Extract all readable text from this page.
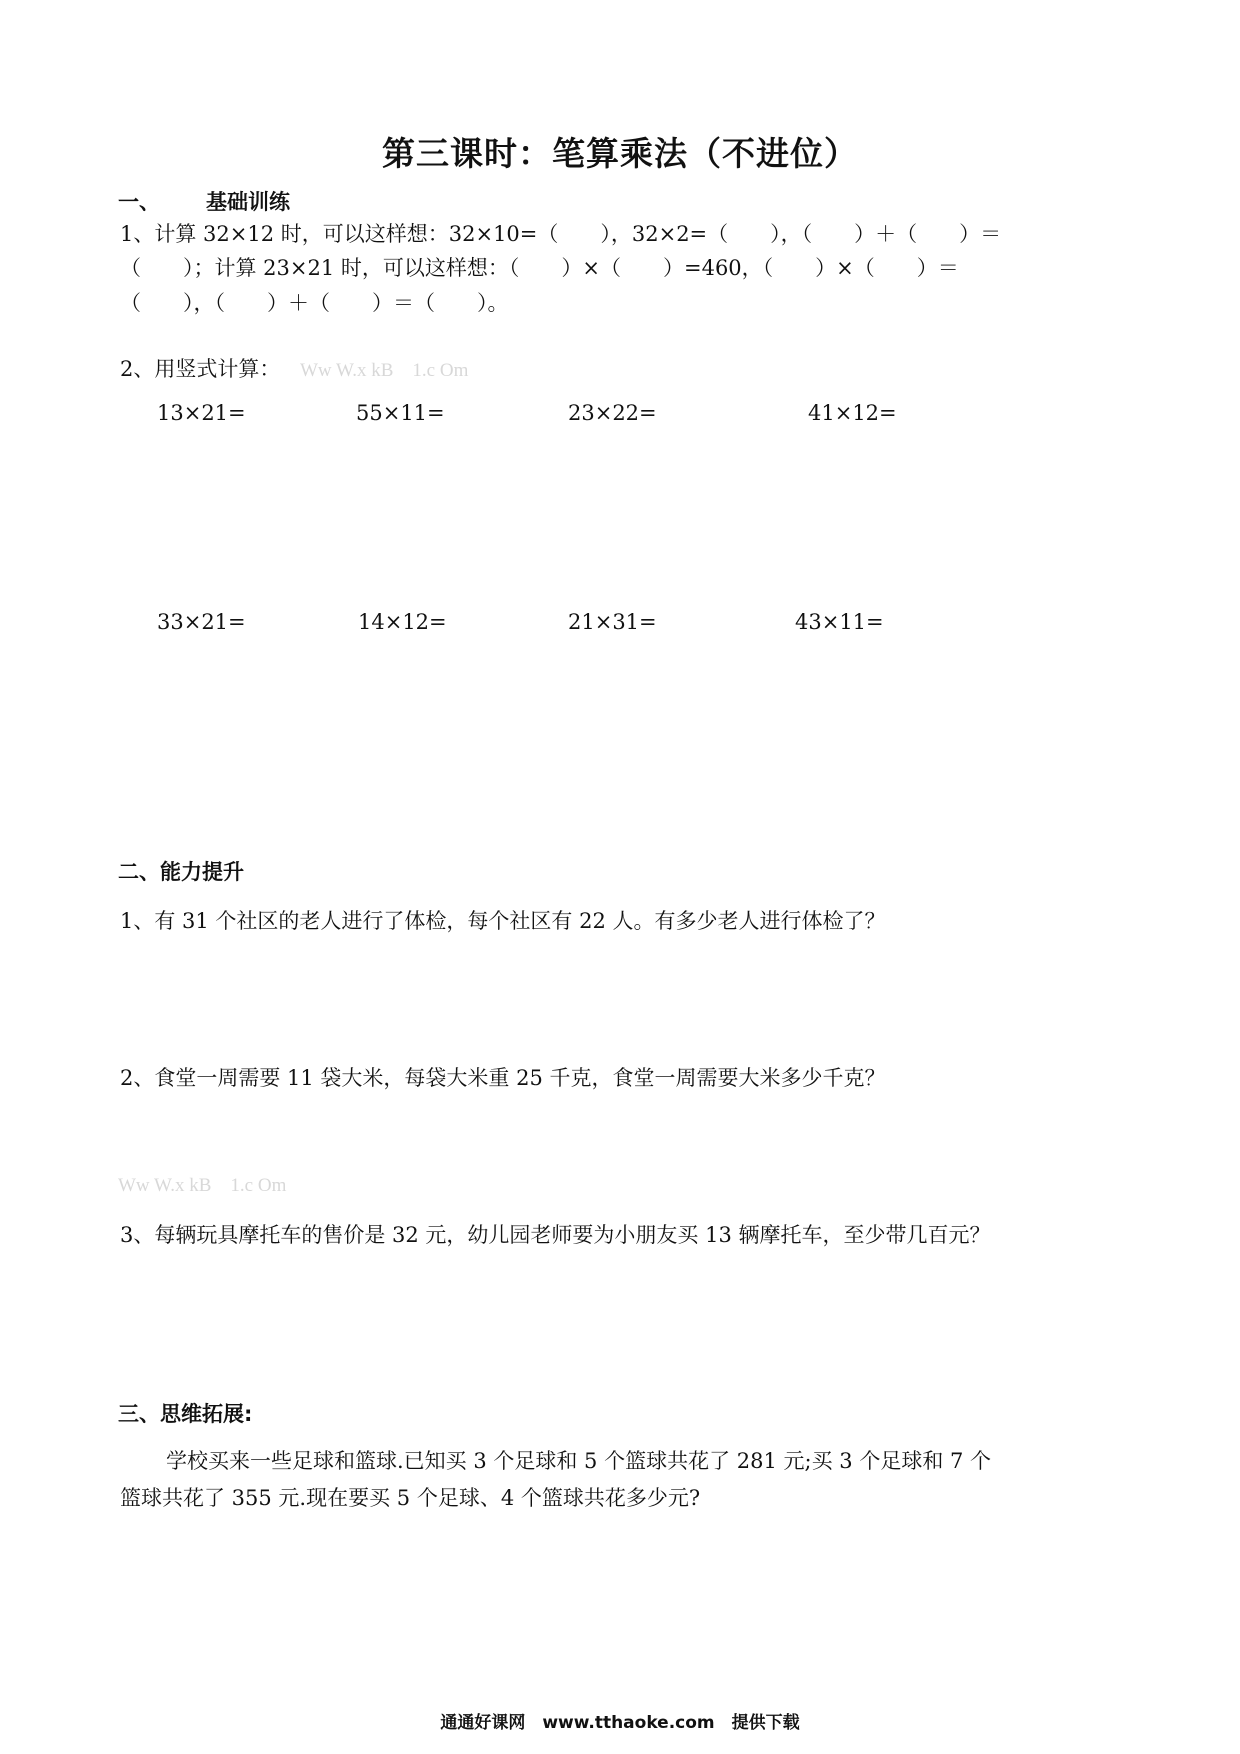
第三课时：笔算乘法（不进位）
一、 基础训练
1、计算 32×12 时，可以这样想：32×10=（　　），32×2=（　　），（　　）＋（　　）＝
（　　）；计算 23×21 时，可以这样想：（　　）×（　　）=460，（　　）×（　　）＝
（　　），（　　）＋（　　）＝（　　）。
2、用竖式计算： Ww W.x kB　1.c Om
13×21=	55×11=	23×22=	41×12=
33×21=	14×12=	21×31=	43×11=
二、能力提升
1、有 31 个社区的老人进行了体检，每个社区有 22 人。有多少老人进行体检了？
2、食堂一周需要 11 袋大米，每袋大米重 25 千克，食堂一周需要大米多少千克？
Ww W.x kB　1.c Om
3、每辆玩具摩托车的售价是 32 元，幼儿园老师要为小朋友买 13 辆摩托车，至少带几百元？
三、思维拓展:
学校买来一些足球和篮球.已知买 3 个足球和 5 个篮球共花了 281 元;买 3 个足球和 7 个
篮球共花了 355 元.现在要买 5 个足球、4 个篮球共花多少元?
通通好课网　www.tthaoke.com　提供下载
